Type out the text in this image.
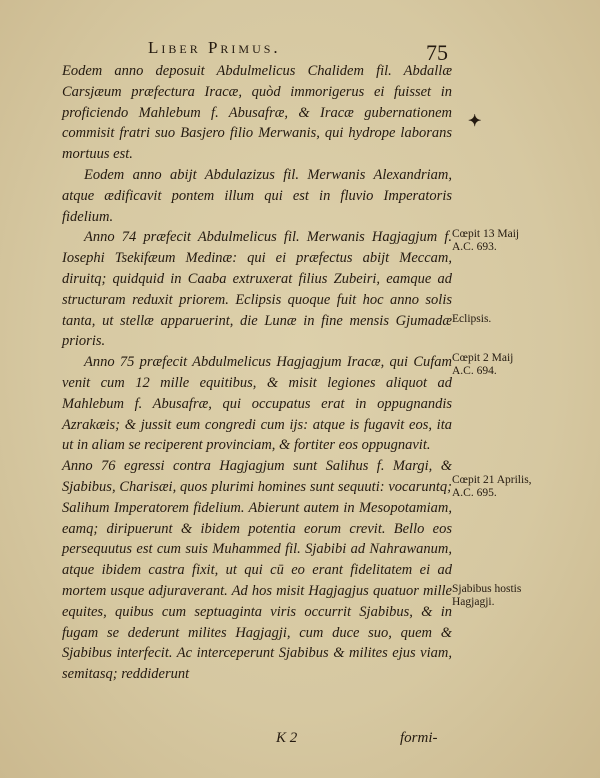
Liber Primus.	75

Eodem anno deposuit Abdulmelicus Chalidem fil. Abdallæ Carsjæum præfectura Iracæ, quòd immorigerus ei fuisset in proficiendo Mahlebum f. Abusafræ, & Iracæ gubernationem commisit fratri suo Basjero filio Merwanis, qui hydrope laborans mortuus est.

Eodem anno abijt Abdulazizus fil. Merwanis Alexandriam, atque ædificavit pontem illum qui est in fluvio Imperatoris fidelium.

Anno 74 præfecit Abdulmelicus fil. Merwanis Hagjagjum f. Iosephi Tsekifæum Medinæ: qui ei præfectus abijt Meccam, diruitq; quidquid in Caaba extruxerat filius Zubeiri, eamque ad structuram reduxit priorem. Eclipsis quoque fuit hoc anno solis tanta, ut stellæ apparuerint, die Lunæ in fine mensis Gjumadæ prioris.

Anno 75 præfecit Abdulmelicus Hagjagjum Iracæ, qui Cufam venit cum 12 mille equitibus, & misit legiones aliquot ad Mahlebum f. Abusafræ, qui occupatus erat in oppugnandis Azrakæis; & jussit eum congredi cum ijs: atque is fugavit eos, ita ut in aliam se reciperent provinciam, & fortiter eos oppugnavit.

Anno 76 egressi contra Hagjagjum sunt Salihus f. Margi, & Sjabibus, Charisæi, quos plurimi homines sunt sequuti: vocaruntq; Salihum Imperatorem fidelium. Abierunt autem in Mesopotamiam, eamq; diripuerunt & ibidem potentia eorum crevit. Bello eos persequutus est cum suis Muhammed fil. Sjabibi ad Nahrawanum, atque ibidem castra fixit, ut qui cū eo erant fidelitatem ei ad mortem usque adjuraverant. Ad hos misit Hagjagjus quatuor mille equites, quibus cum septuaginta viris occurrit Sjabibus, & in fugam se dederunt milites Hagjagji, cum duce suo, quem & Sjabibus interfecit. Ac interceperunt Sjabibus & milites ejus viam, semitasq; reddiderunt

✦
Cœpit 13 Maij A.C. 693.
Eclipsis.
Cœpit 2 Maij A.C. 694.
Cœpit 21 Aprilis, A.C. 695.
Sjabibus hostis Hagjagji.
K 2	formi-
